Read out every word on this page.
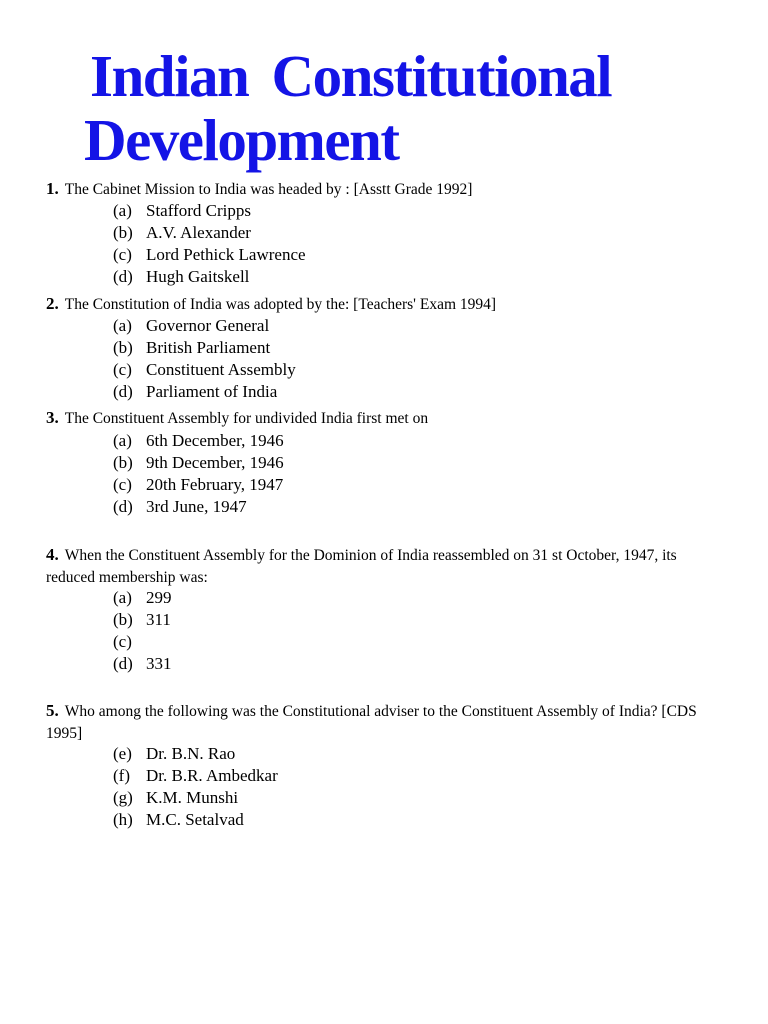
Indian Constitutional
Development
1. The Cabinet Mission to India was headed by : [Asstt Grade 1992]
(a) Stafford Cripps
(b) A.V. Alexander
(c) Lord Pethick Lawrence
(d) Hugh Gaitskell
2. The Constitution of India was adopted by the: [Teachers' Exam 1994]
(a) Governor General
(b) British Parliament
(c) Constituent Assembly
(d) Parliament of India
3. The Constituent Assembly for undivided India first met on
(a) 6th December, 1946
(b) 9th December, 1946
(c) 20th February, 1947
(d) 3rd June, 1947
4. When the Constituent Assembly for the Dominion of India reassembled on 31 st October, 1947, its reduced membership was:
(a) 299
(b) 311
(c)
(d) 331
5. Who among the following was the Constitutional adviser to the Constituent Assembly of India? [CDS 1995]
(e) Dr. B.N. Rao
(f) Dr. B.R. Ambedkar
(g) K.M. Munshi
(h) M.C. Setalvad
